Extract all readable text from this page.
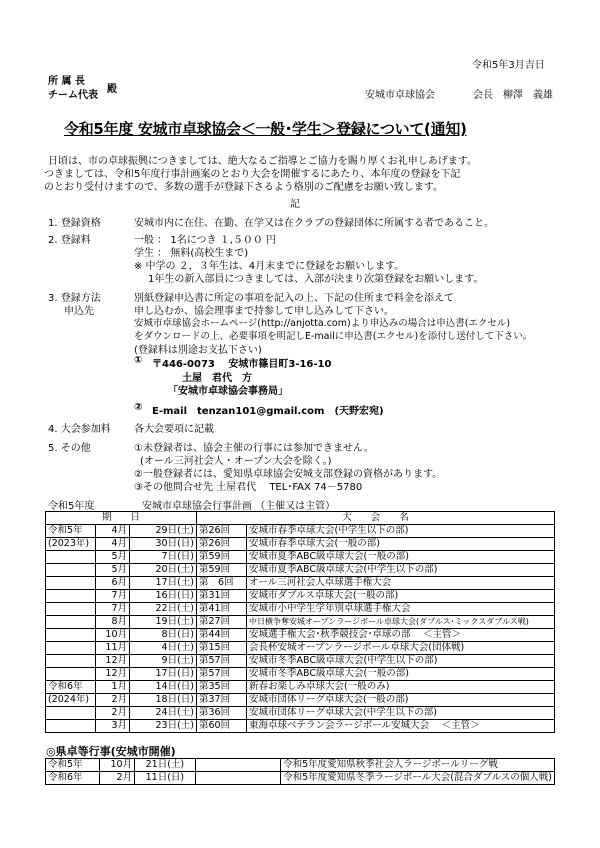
令和5年3月吉日
所 属 長
殿
チーム代表	安城市卓球協会	会長　柳澤　義雄
令和5年度 安城市卓球協会＜一般･学生＞登録について(通知)
日頃は、市の卓球振興につきましては、絶大なるご指導とご協力を賜り厚くお礼申しあげます。
つきましては、令和5年度行事計画案のとおり大会を開催するにあたり、本年度の登録を下記
のとおり受付けますので、多数の選手が登録下さるよう格別のご配慮をお願い致します。
記
1. 登録資格	安城市内に在住、在勤、在学又は在クラブの登録団体に所属する者であること。
2. 登録料	一般 ： 1名につき １,５００ 円
学生 ： 無料(高校生まで)
※ 中学の ２，３年生は、4月末までに登録をお願いします。
1年生の新入部員につきましては、入部が決まり次第登録をお願いします。
3. 登録方法
申込先
別紙登録申込書に所定の事項を記入の上、下記の住所まで料金を添えて
申し込むか、協会理事まで持参して申し込みして下さい。
安城市卓球協会ホームページ(http://anjotta.com)より申込みの場合は申込書(エクセル)
をダウンロードの上、必要事項を明記しE-mailに申込書(エクセル)を添付し送付して下さい。
(登録料は別途お支払下さい)
① 〒446-0073　 安城市篠目町3-16-10
土屋　君代　方
「安城市卓球協会事務局」
② E-mail　tenzan101@gmail.com　(天野宏宛)
4. 大会参加料 各大会要項に記載
5. その他	①未登録者は、協会主催の行事には参加できません。
(オール三河社会人・オープン大会を除く。)
②一般登録者には、愛知県卓球協会安城支部登録の資格があります。
③その他問合せ先 土屋君代　 TEL･FAX 74－5780
令和5年度	安城市卓球協会行事計画 （主催又は主管）
期　　日			大　　会　　名	
令和5年	4月	29日(土)	第26回	安城市春季卓球大会(中学生以下の部)
(2023年)	4月	30日(日)	第26回	安城市春季卓球大会(一般の部)
	5月	7日(日)	第59回	安城市夏季ABC級卓球大会(一般の部)
	5月	20日(土)	第59回	安城市夏季ABC級卓球大会(中学生以下の部)
	6月	17日(土)	第　6回	オール三河社会人卓球選手権大会
	7月	16日(日)	第31回	安城市ダブルス卓球大会(一般の部)
	7月	22日(土)	第41回	安城市小中学生学年別卓球選手権大会
	8月	19日(土)	第27回	中日横争奪安城オープンラージボール卓球大会(ダブルス･ミックスダブルス戦)
	10月	8日(日)	第44回	安城選手権大会･秋季競技会･卓球の部　 ＜主管＞
	11月	4日(土)	第15回	会長杯安城オープンラージボール卓球大会(団体戦)
	12月	9日(土)	第57回	安城市冬季ABC級卓球大会(中学生以下の部)
	12月	17日(日)	第57回	安城市冬季ABC級卓球大会(一般の部)
令和6年	1月	14日(日)	第35回	新春お楽しみ卓球大会(一般のみ)
(2024年)	2月	18日(日)	第37回	安城市団体リーグ卓球大会(一般の部)
	2月	24日(土)	第36回	安城市団体リーグ卓球大会(中学生以下の部)
	3月	23日(土)	第60回	東海卓球ベテラン会ラージボール安城大会　 ＜主管＞
◎県卓等行事(安城市開催)
令和5年	10月	21日(土)		令和5年度愛知県秋季社会人ラージボールリーグ戦
令和6年	2月	11日(日)		令和5年度愛知県冬季ラージボール大会(混合ダブルスの個人戦)
